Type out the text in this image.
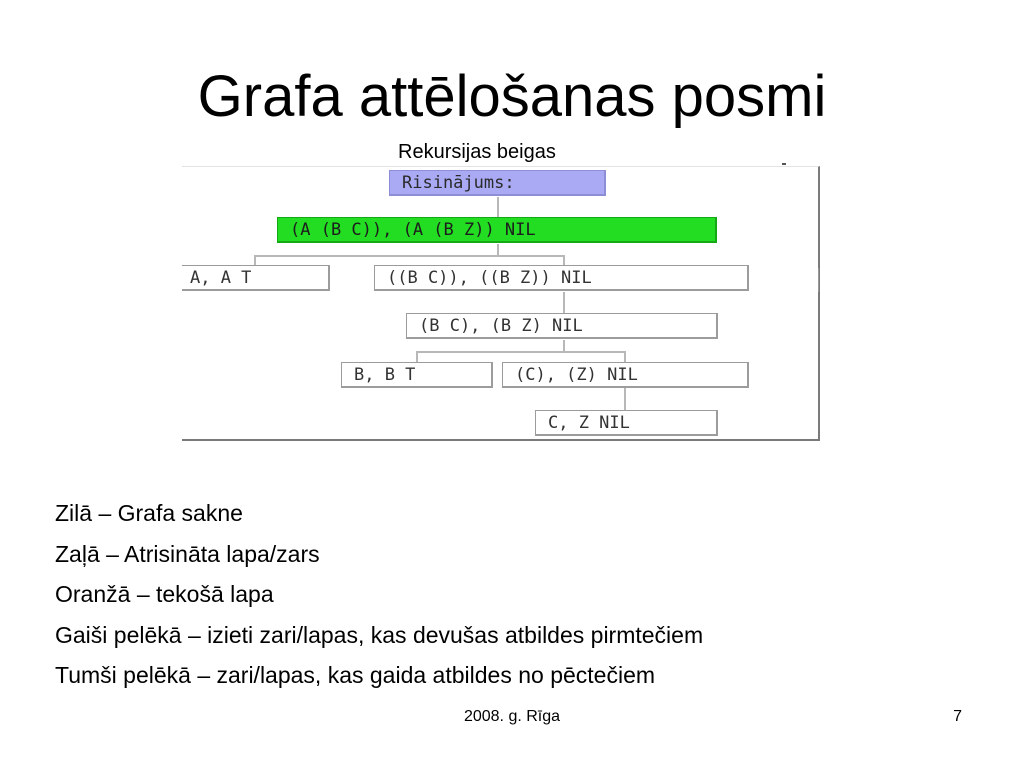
Grafa attēlošanas posmi
Rekursijas beigas
Risinājums:
(A (B C)), (A (B Z)) NIL
A, A T	((B C)), ((B Z)) NIL
(B C), (B Z) NIL
B, B T	(C), (Z) NIL
C, Z NIL
Zilā – Grafa sakne
Zaļā – Atrisināta lapa/zars
Oranžā – tekošā lapa
Gaiši pelēkā – izieti zari/lapas, kas devušas atbildes pirmtečiem
Tumši pelēkā – zari/lapas, kas gaida atbildes no pēctečiem
2008. g. Rīga	7
